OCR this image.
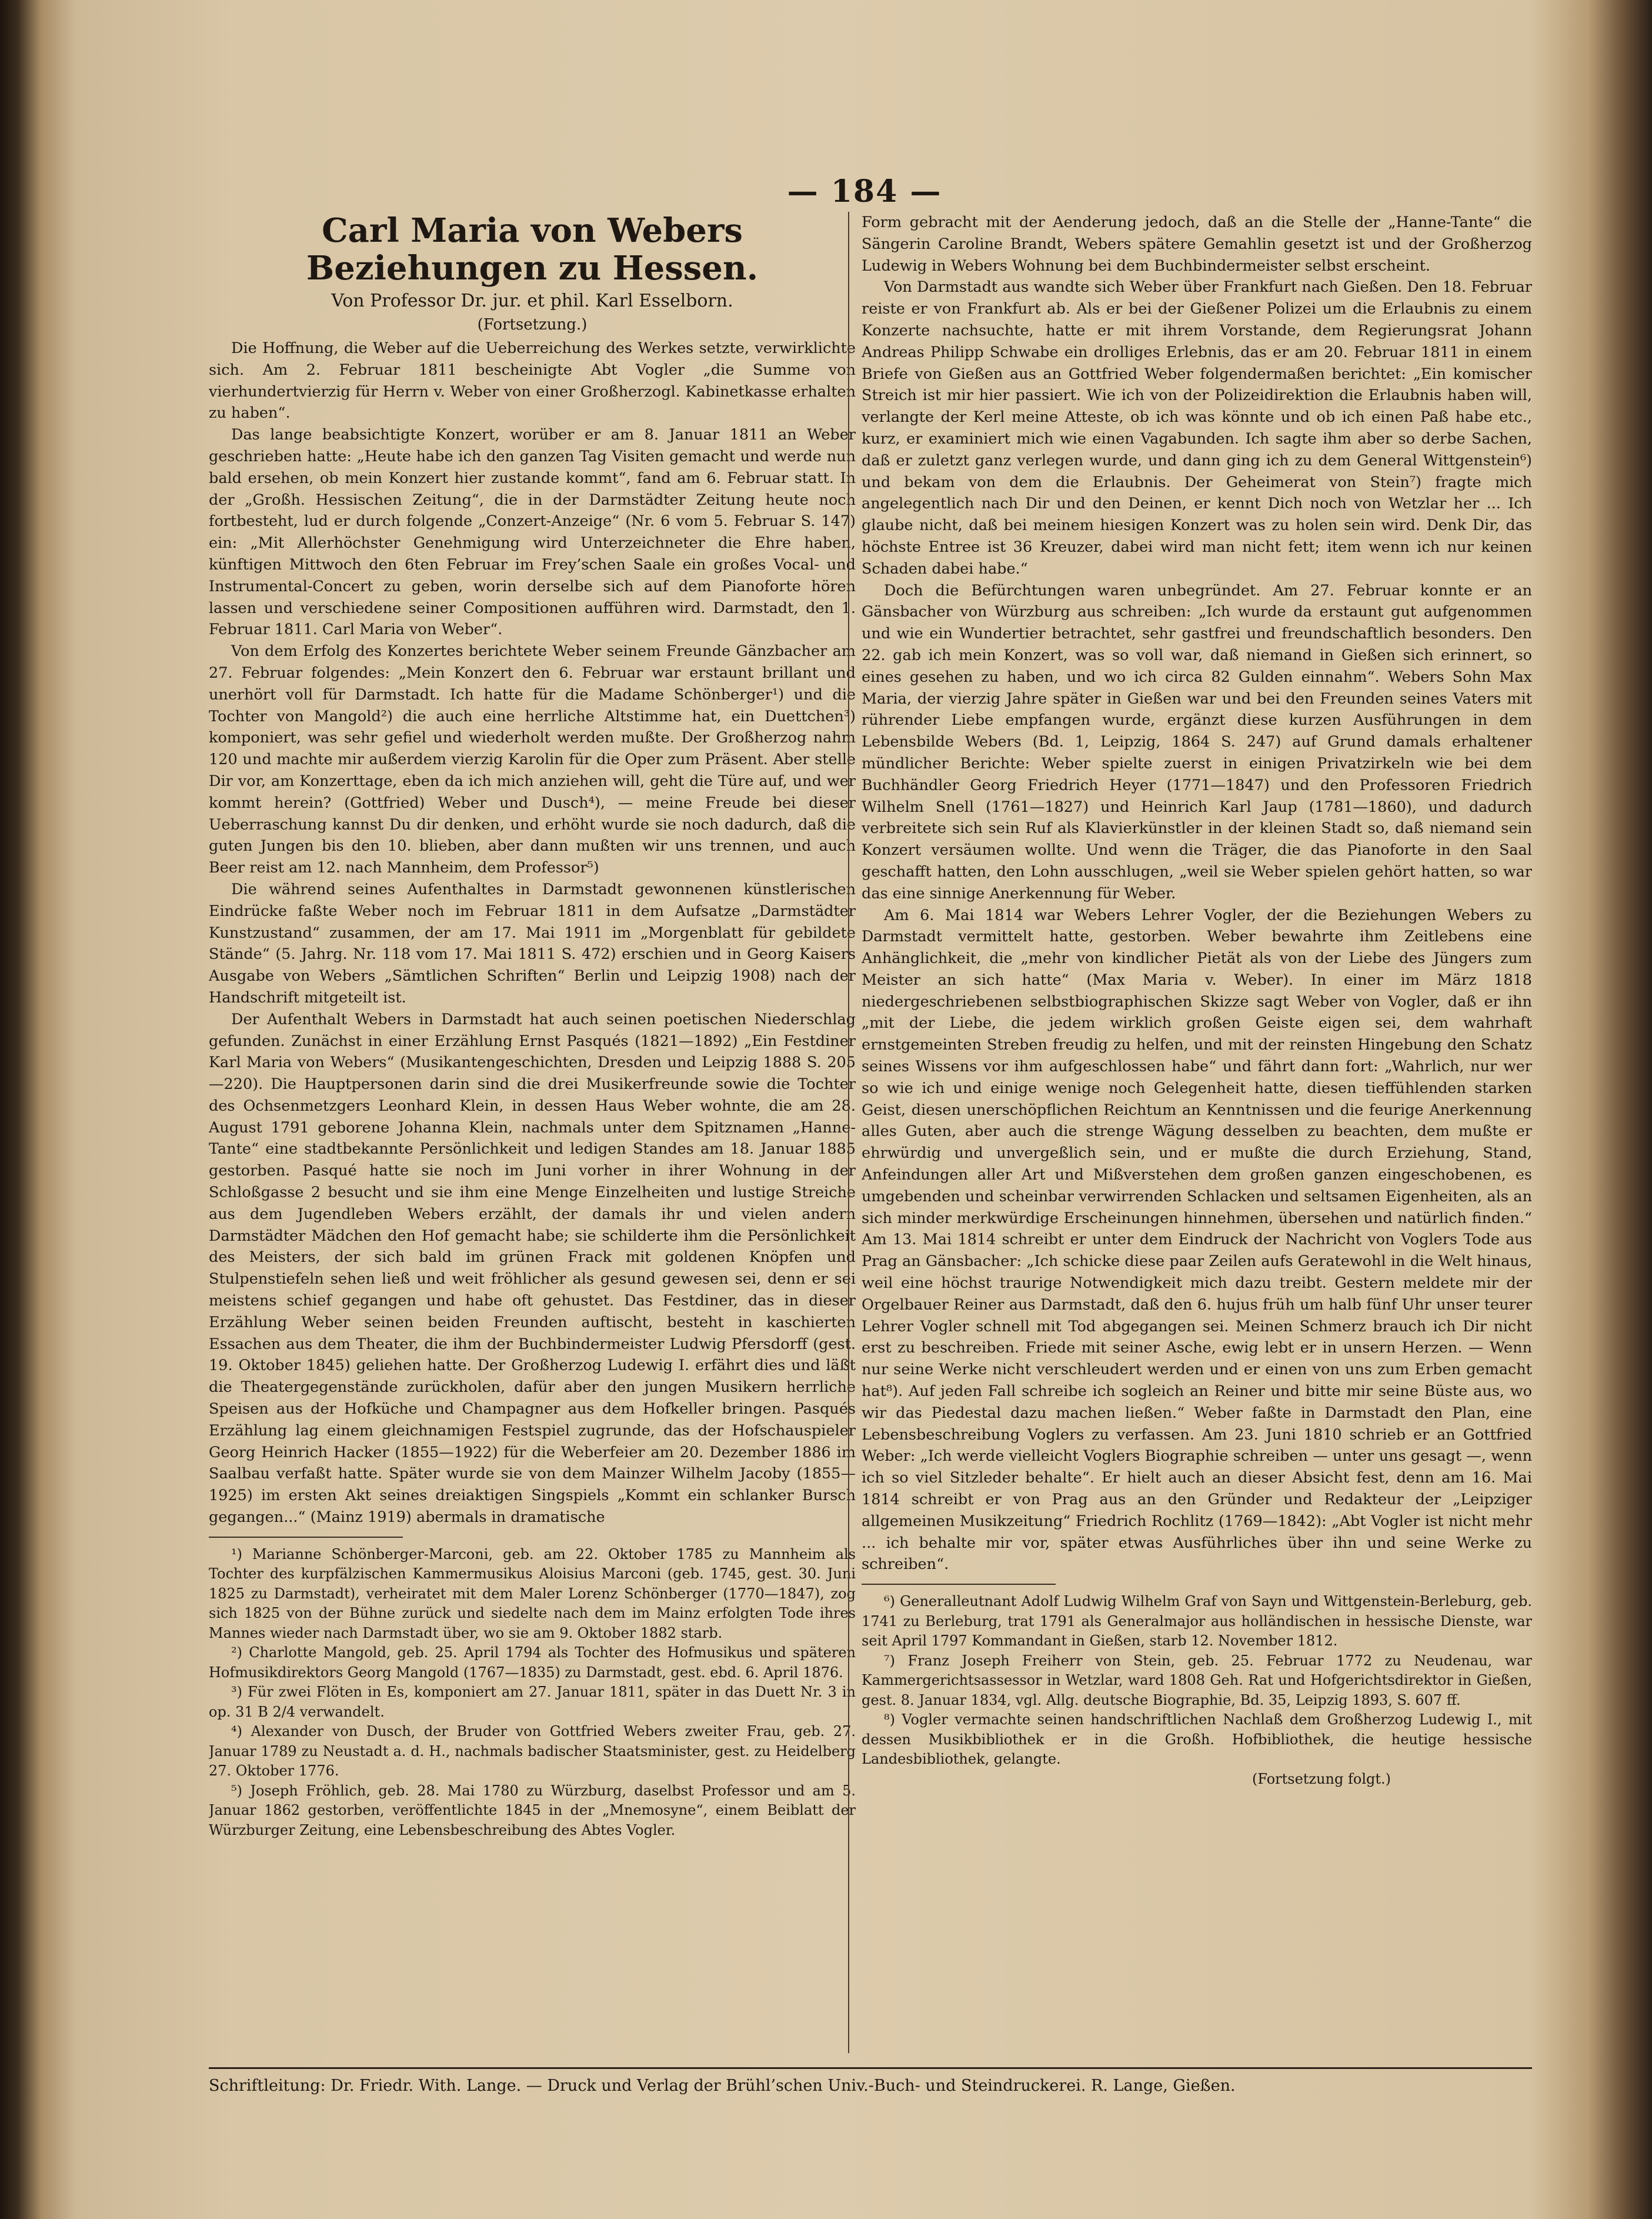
— 184 —
Carl Maria von Webers Beziehungen zu Hessen.
Von Professor Dr. jur. et phil. Karl Esselborn.
(Fortsetzung.)

Die Hoffnung, die Weber auf die Ueberreichung des Werkes setzte, verwirklichte sich. Am 2. Februar 1811 bescheinigte Abt Vogler „die Summe von vierhundertvierzig für Herrn v. Weber von einer Großherzogl. Kabinetkasse erhalten zu haben“.

Das lange beabsichtigte Konzert, worüber er am 8. Januar 1811 an Weber geschrieben hatte: „Heute habe ich den ganzen Tag Visiten gemacht und werde nun bald ersehen, ob mein Konzert hier zustande kommt“, fand am 6. Februar statt. In der „Großh. Hessischen Zeitung“, die in der Darmstädter Zeitung heute noch fortbesteht, lud er durch folgende „Conzert-Anzeige“ (Nr. 6 vom 5. Februar S. 147) ein: „Mit Allerhöchster Genehmigung wird Unterzeichneter die Ehre haben, künftigen Mittwoch den 6ten Februar im Frey’schen Saale ein großes Vocal- und Instrumental-Concert zu geben, worin derselbe sich auf dem Pianoforte hören lassen und verschiedene seiner Compositionen aufführen wird. Darmstadt, den 1. Februar 1811. Carl Maria von Weber“.

Von dem Erfolg des Konzertes berichtete Weber seinem Freunde Gänzbacher am 27. Februar folgendes: „Mein Konzert den 6. Februar war erstaunt brillant und unerhört voll für Darmstadt. Ich hatte für die Madame Schönberger¹) und die Tochter von Mangold²) die auch eine herrliche Altstimme hat, ein Duettchen³) komponiert, was sehr gefiel und wiederholt werden mußte. Der Großherzog nahm 120 und machte mir außerdem vierzig Karolin für die Oper zum Präsent. Aber stelle Dir vor, am Konzerttage, eben da ich mich anziehen will, geht die Türe auf, und wer kommt herein? (Gottfried) Weber und Dusch⁴), — meine Freude bei dieser Ueberraschung kannst Du dir denken, und erhöht wurde sie noch dadurch, daß die guten Jungen bis den 10. blieben, aber dann mußten wir uns trennen, und auch Beer reist am 12. nach Mannheim, dem Professor⁵)

Die während seines Aufenthaltes in Darmstadt gewonnenen künstlerischen Eindrücke faßte Weber noch im Februar 1811 in dem Aufsatze „Darmstädter Kunstzustand“ zusammen, der am 17. Mai 1911 im „Morgenblatt für gebildete Stände“ (5. Jahrg. Nr. 118 vom 17. Mai 1811 S. 472) erschien und in Georg Kaisers Ausgabe von Webers „Sämtlichen Schriften“ Berlin und Leipzig 1908) nach der Handschrift mitgeteilt ist.

Der Aufenthalt Webers in Darmstadt hat auch seinen poetischen Niederschlag gefunden. Zunächst in einer Erzählung Ernst Pasqués (1821—1892) „Ein Festdiner Karl Maria von Webers“ (Musikantengeschichten, Dresden und Leipzig 1888 S. 205—220). Die Hauptpersonen darin sind die drei Musikerfreunde sowie die Tochter des Ochsenmetzgers Leonhard Klein, in dessen Haus Weber wohnte, die am 28. August 1791 geborene Johanna Klein, nachmals unter dem Spitznamen „Hanne-Tante“ eine stadtbekannte Persönlichkeit und ledigen Standes am 18. Januar 1885 gestorben. Pasqué hatte sie noch im Juni vorher in ihrer Wohnung in der Schloßgasse 2 besucht und sie ihm eine Menge Einzelheiten und lustige Streiche aus dem Jugendleben Webers erzählt, der damals ihr und vielen andern Darmstädter Mädchen den Hof gemacht habe; sie schilderte ihm die Persönlichkeit des Meisters, der sich bald im grünen Frack mit goldenen Knöpfen und Stulpenstiefeln sehen ließ und weit fröhlicher als gesund gewesen sei, denn er sei meistens schief gegangen und habe oft gehustet. Das Festdiner, das in dieser Erzählung Weber seinen beiden Freunden auftischt, besteht in kaschierten Essachen aus dem Theater, die ihm der Buchbindermeister Ludwig Pfersdorff (gest. 19. Oktober 1845) geliehen hatte. Der Großherzog Ludewig I. erfährt dies und läßt die Theatergegenstände zurückholen, dafür aber den jungen Musikern herrliche Speisen aus der Hofküche und Champagner aus dem Hofkeller bringen. Pasqués Erzählung lag einem gleichnamigen Festspiel zugrunde, das der Hofschauspieler Georg Heinrich Hacker (1855—1922) für die Weberfeier am 20. Dezember 1886 im Saalbau verfaßt hatte. Später wurde sie von dem Mainzer Wilhelm Jacoby (1855—1925) im ersten Akt seines dreiaktigen Singspiels „Kommt ein schlanker Bursch gegangen...“ (Mainz 1919) abermals in dramatische

¹) Marianne Schönberger-Marconi, geb. am 22. Oktober 1785 zu Mannheim als Tochter des kurpfälzischen Kammermusikus Aloisius Marconi (geb. 1745, gest. 30. Juni 1825 zu Darmstadt), verheiratet mit dem Maler Lorenz Schönberger (1770—1847), zog sich 1825 von der Bühne zurück und siedelte nach dem im Mainz erfolgten Tode ihres Mannes wieder nach Darmstadt über, wo sie am 9. Oktober 1882 starb.

²) Charlotte Mangold, geb. 25. April 1794 als Tochter des Hofmusikus und späteren Hofmusikdirektors Georg Mangold (1767—1835) zu Darmstadt, gest. ebd. 6. April 1876.

³) Für zwei Flöten in Es, komponiert am 27. Januar 1811, später in das Duett Nr. 3 in op. 31 B 2/4 verwandelt.

⁴) Alexander von Dusch, der Bruder von Gottfried Webers zweiter Frau, geb. 27. Januar 1789 zu Neustadt a. d. H., nachmals badischer Staatsminister, gest. zu Heidelberg 27. Oktober 1776.

⁵) Joseph Fröhlich, geb. 28. Mai 1780 zu Würzburg, daselbst Professor und am 5. Januar 1862 gestorben, veröffentlichte 1845 in der „Mnemosyne“, einem Beiblatt der Würzburger Zeitung, eine Lebensbeschreibung des Abtes Vogler.

Form gebracht mit der Aenderung jedoch, daß an die Stelle der „Hanne-Tante“ die Sängerin Caroline Brandt, Webers spätere Gemahlin gesetzt ist und der Großherzog Ludewig in Webers Wohnung bei dem Buchbindermeister selbst erscheint.

Von Darmstadt aus wandte sich Weber über Frankfurt nach Gießen. Den 18. Februar reiste er von Frankfurt ab. Als er bei der Gießener Polizei um die Erlaubnis zu einem Konzerte nachsuchte, hatte er mit ihrem Vorstande, dem Regierungsrat Johann Andreas Philipp Schwabe ein drolliges Erlebnis, das er am 20. Februar 1811 in einem Briefe von Gießen aus an Gottfried Weber folgendermaßen berichtet: „Ein komischer Streich ist mir hier passiert. Wie ich von der Polizeidirektion die Erlaubnis haben will, verlangte der Kerl meine Atteste, ob ich was könnte und ob ich einen Paß habe etc., kurz, er examiniert mich wie einen Vagabunden. Ich sagte ihm aber so derbe Sachen, daß er zuletzt ganz verlegen wurde, und dann ging ich zu dem General Wittgenstein⁶) und bekam von dem die Erlaubnis. Der Geheimerat von Stein⁷) fragte mich angelegentlich nach Dir und den Deinen, er kennt Dich noch von Wetzlar her ... Ich glaube nicht, daß bei meinem hiesigen Konzert was zu holen sein wird. Denk Dir, das höchste Entree ist 36 Kreuzer, dabei wird man nicht fett; item wenn ich nur keinen Schaden dabei habe.“

Doch die Befürchtungen waren unbegründet. Am 27. Februar konnte er an Gänsbacher von Würzburg aus schreiben: „Ich wurde da erstaunt gut aufgenommen und wie ein Wundertier betrachtet, sehr gastfrei und freundschaftlich besonders. Den 22. gab ich mein Konzert, was so voll war, daß niemand in Gießen sich erinnert, so eines gesehen zu haben, und wo ich circa 82 Gulden einnahm“. Webers Sohn Max Maria, der vierzig Jahre später in Gießen war und bei den Freunden seines Vaters mit rührender Liebe empfangen wurde, ergänzt diese kurzen Ausführungen in dem Lebensbilde Webers (Bd. 1, Leipzig, 1864 S. 247) auf Grund damals erhaltener mündlicher Berichte: Weber spielte zuerst in einigen Privatzirkeln wie bei dem Buchhändler Georg Friedrich Heyer (1771—1847) und den Professoren Friedrich Wilhelm Snell (1761—1827) und Heinrich Karl Jaup (1781—1860), und dadurch verbreitete sich sein Ruf als Klavierkünstler in der kleinen Stadt so, daß niemand sein Konzert versäumen wollte. Und wenn die Träger, die das Pianoforte in den Saal geschafft hatten, den Lohn ausschlugen, „weil sie Weber spielen gehört hatten, so war das eine sinnige Anerkennung für Weber.

Am 6. Mai 1814 war Webers Lehrer Vogler, der die Beziehungen Webers zu Darmstadt vermittelt hatte, gestorben. Weber bewahrte ihm Zeitlebens eine Anhänglichkeit, die „mehr von kindlicher Pietät als von der Liebe des Jüngers zum Meister an sich hatte“ (Max Maria v. Weber). In einer im März 1818 niedergeschriebenen selbstbiographischen Skizze sagt Weber von Vogler, daß er ihn „mit der Liebe, die jedem wirklich großen Geiste eigen sei, dem wahrhaft ernstgemeinten Streben freudig zu helfen, und mit der reinsten Hingebung den Schatz seines Wissens vor ihm aufgeschlossen habe“ und fährt dann fort: „Wahrlich, nur wer so wie ich und einige wenige noch Gelegenheit hatte, diesen tieffühlenden starken Geist, diesen unerschöpflichen Reichtum an Kenntnissen und die feurige Anerkennung alles Guten, aber auch die strenge Wägung desselben zu beachten, dem mußte er ehrwürdig und unvergeßlich sein, und er mußte die durch Erziehung, Stand, Anfeindungen aller Art und Mißverstehen dem großen ganzen eingeschobenen, es umgebenden und scheinbar verwirrenden Schlacken und seltsamen Eigenheiten, als an sich minder merkwürdige Erscheinungen hinnehmen, übersehen und natürlich finden.“ Am 13. Mai 1814 schreibt er unter dem Eindruck der Nachricht von Voglers Tode aus Prag an Gänsbacher: „Ich schicke diese paar Zeilen aufs Geratewohl in die Welt hinaus, weil eine höchst traurige Notwendigkeit mich dazu treibt. Gestern meldete mir der Orgelbauer Reiner aus Darmstadt, daß den 6. hujus früh um halb fünf Uhr unser teurer Lehrer Vogler schnell mit Tod abgegangen sei. Meinen Schmerz brauch ich Dir nicht erst zu beschreiben. Friede mit seiner Asche, ewig lebt er in unsern Herzen. — Wenn nur seine Werke nicht verschleudert werden und er einen von uns zum Erben gemacht hat⁸). Auf jeden Fall schreibe ich sogleich an Reiner und bitte mir seine Büste aus, wo wir das Piedestal dazu machen ließen.“ Weber faßte in Darmstadt den Plan, eine Lebensbeschreibung Voglers zu verfassen. Am 23. Juni 1810 schrieb er an Gottfried Weber: „Ich werde vielleicht Voglers Biographie schreiben — unter uns gesagt —, wenn ich so viel Sitzleder behalte“. Er hielt auch an dieser Absicht fest, denn am 16. Mai 1814 schreibt er von Prag aus an den Gründer und Redakteur der „Leipziger allgemeinen Musikzeitung“ Friedrich Rochlitz (1769—1842): „Abt Vogler ist nicht mehr ... ich behalte mir vor, später etwas Ausführliches über ihn und seine Werke zu schreiben“.

⁶) Generalleutnant Adolf Ludwig Wilhelm Graf von Sayn und Wittgenstein-Berleburg, geb. 1741 zu Berleburg, trat 1791 als Generalmajor aus holländischen in hessische Dienste, war seit April 1797 Kommandant in Gießen, starb 12. November 1812.

⁷) Franz Joseph Freiherr von Stein, geb. 25. Februar 1772 zu Neudenau, war Kammergerichtsassessor in Wetzlar, ward 1808 Geh. Rat und Hofgerichtsdirektor in Gießen, gest. 8. Januar 1834, vgl. Allg. deutsche Biographie, Bd. 35, Leipzig 1893, S. 607 ff.

⁸) Vogler vermachte seinen handschriftlichen Nachlaß dem Großherzog Ludewig I., mit dessen Musikbibliothek er in die Großh. Hofbibliothek, die heutige hessische Landesbibliothek, gelangte.

(Fortsetzung folgt.)

Schriftleitung: Dr. Friedr. With. Lange. — Druck und Verlag der Brühl’schen Univ.-Buch- und Steindruckerei. R. Lange, Gießen.
